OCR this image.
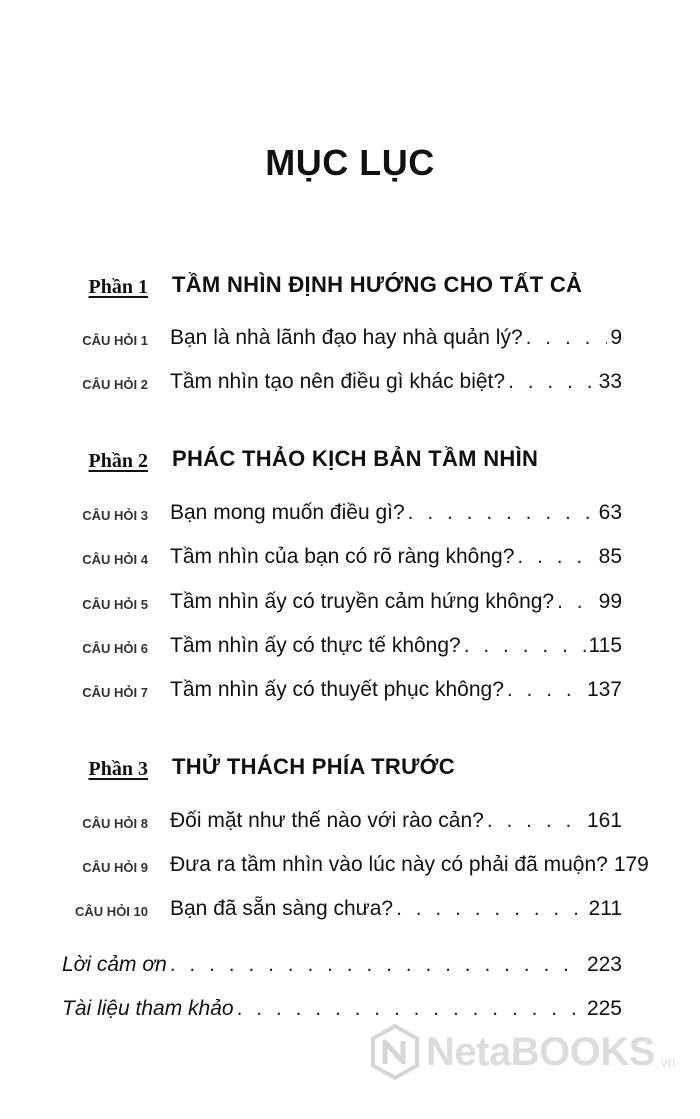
MỤC LỤC
Phần 1 TẦM NHÌN ĐỊNH HƯỚNG CHO TẤT CẢ
CÂU HỎI 1 Bạn là nhà lãnh đạo hay nhà quản lý? . . .	9
CÂU HỎI 2 Tầm nhìn tạo nên điều gì khác biệt? . . .	33
Phần 2 PHÁC THẢO KỊCH BẢN TẦM NHÌN
CÂU HỎI 3 Bạn mong muốn điều gì? . . .	63
CÂU HỎI 4 Tầm nhìn của bạn có rõ ràng không? . . .	85
CÂU HỎI 5 Tầm nhìn ấy có truyền cảm hứng không? . . . 99
CÂU HỎI 6 Tầm nhìn ấy có thực tế không? . . .	115
CÂU HỎI 7 Tầm nhìn ấy có thuyết phục không? . . .	137
Phần 3 THỬ THÁCH PHÍA TRƯỚC
CÂU HỎI 8 Đối mặt như thế nào với rào cản? . . .	161
CÂU HỎI 9 Đưa ra tầm nhìn vào lúc này có phải đã muộn? 179
CÂU HỎI 10 Bạn đã sẵn sàng chưa? . . .	211
Lời cảm ơn . . .	223
Tài liệu tham khảo . . .	225
NetaBOOKS .vn
